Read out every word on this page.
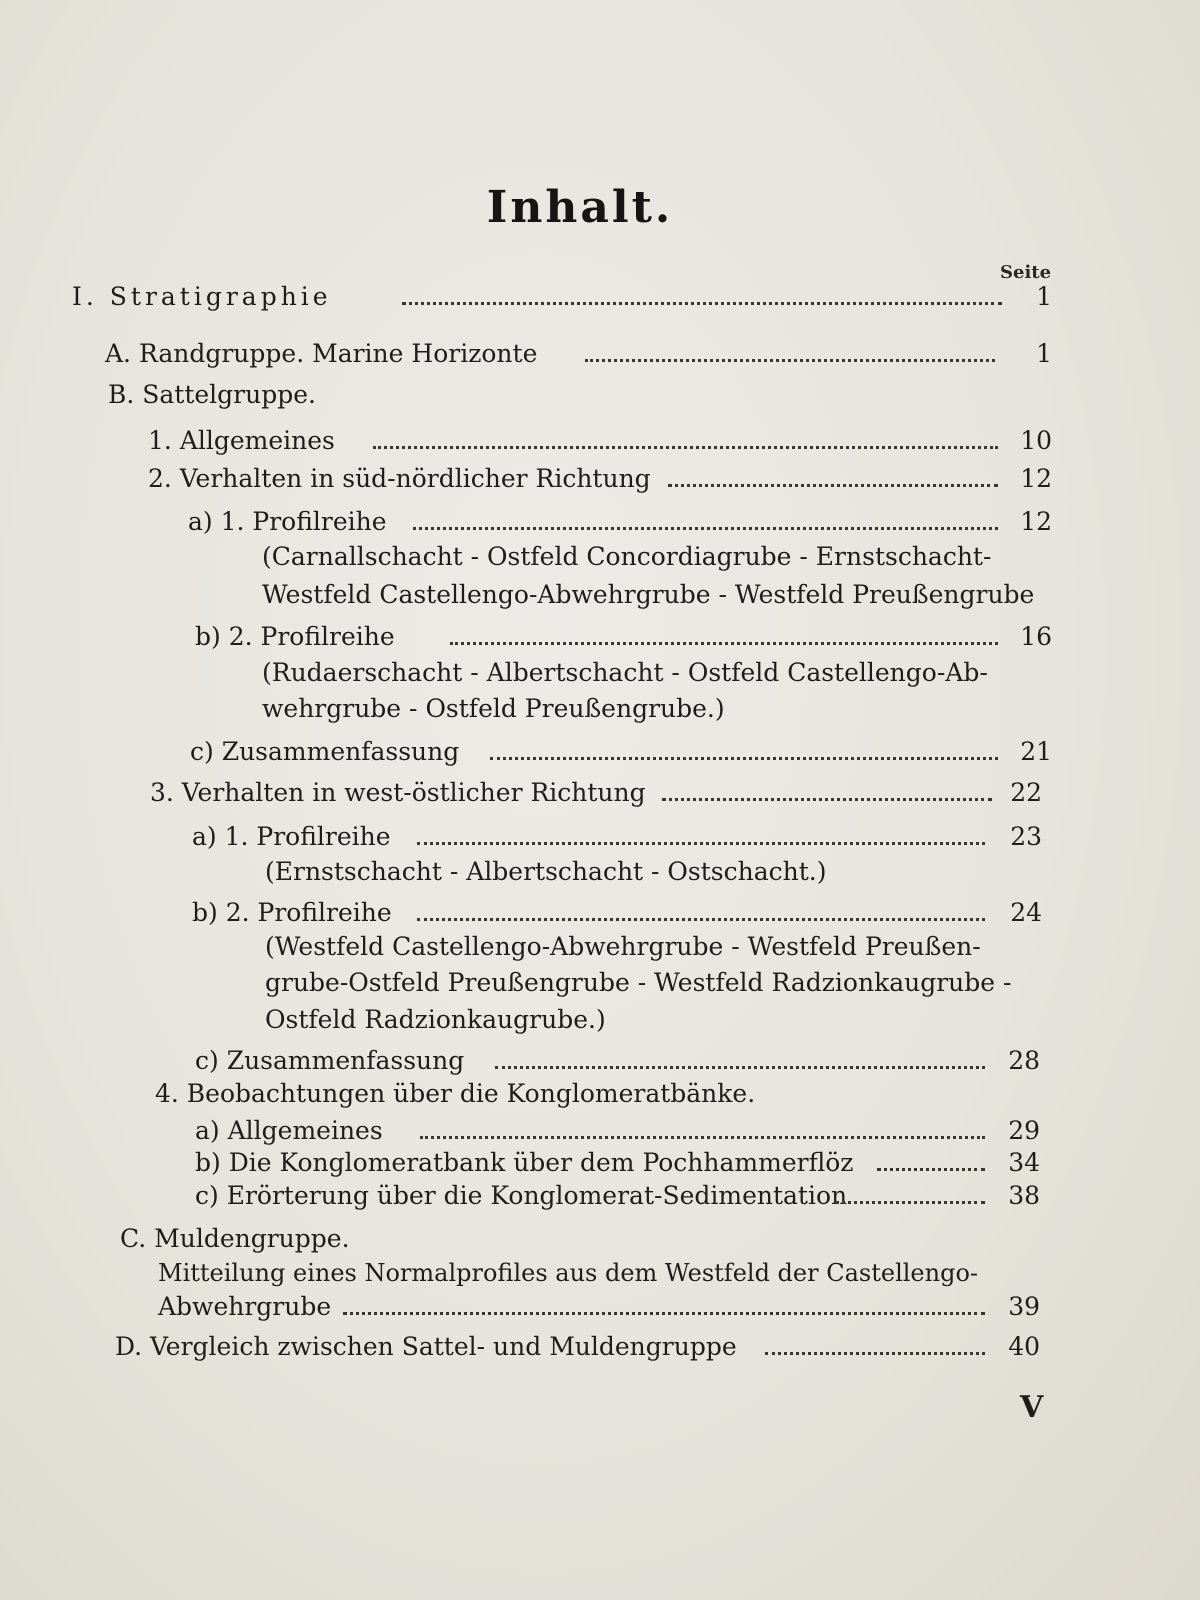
Inhalt.
Seite
I. Stratigraphie	1
A. Randgruppe. Marine Horizonte	1
B. Sattelgruppe.
1. Allgemeines	10
2. Verhalten in süd-nördlicher Richtung	12
a) 1. Profilreihe	12
(Carnallschacht - Ostfeld Concordiagrube - Ernstschacht-
Westfeld Castellengo-Abwehrgrube - Westfeld Preußengrube
b) 2. Profilreihe	16
(Rudaerschacht - Albertschacht - Ostfeld Castellengo-Ab-
wehrgrube - Ostfeld Preußengrube.)
c) Zusammenfassung	21
3. Verhalten in west-östlicher Richtung	22
a) 1. Profilreihe	23
(Ernstschacht - Albertschacht - Ostschacht.)
b) 2. Profilreihe	24
(Westfeld Castellengo-Abwehrgrube - Westfeld Preußen-
grube-Ostfeld Preußengrube - Westfeld Radzionkaugrube -
Ostfeld Radzionkaugrube.)
c) Zusammenfassung	28
4. Beobachtungen über die Konglomeratbänke.
a) Allgemeines	29
b) Die Konglomeratbank über dem Pochhammerflöz	34
c) Erörterung über die Konglomerat-Sedimentation	38
C. Muldengruppe.
Mitteilung eines Normalprofiles aus dem Westfeld der Castellengo-
Abwehrgrube	39
D. Vergleich zwischen Sattel- und Muldengruppe	40
V
